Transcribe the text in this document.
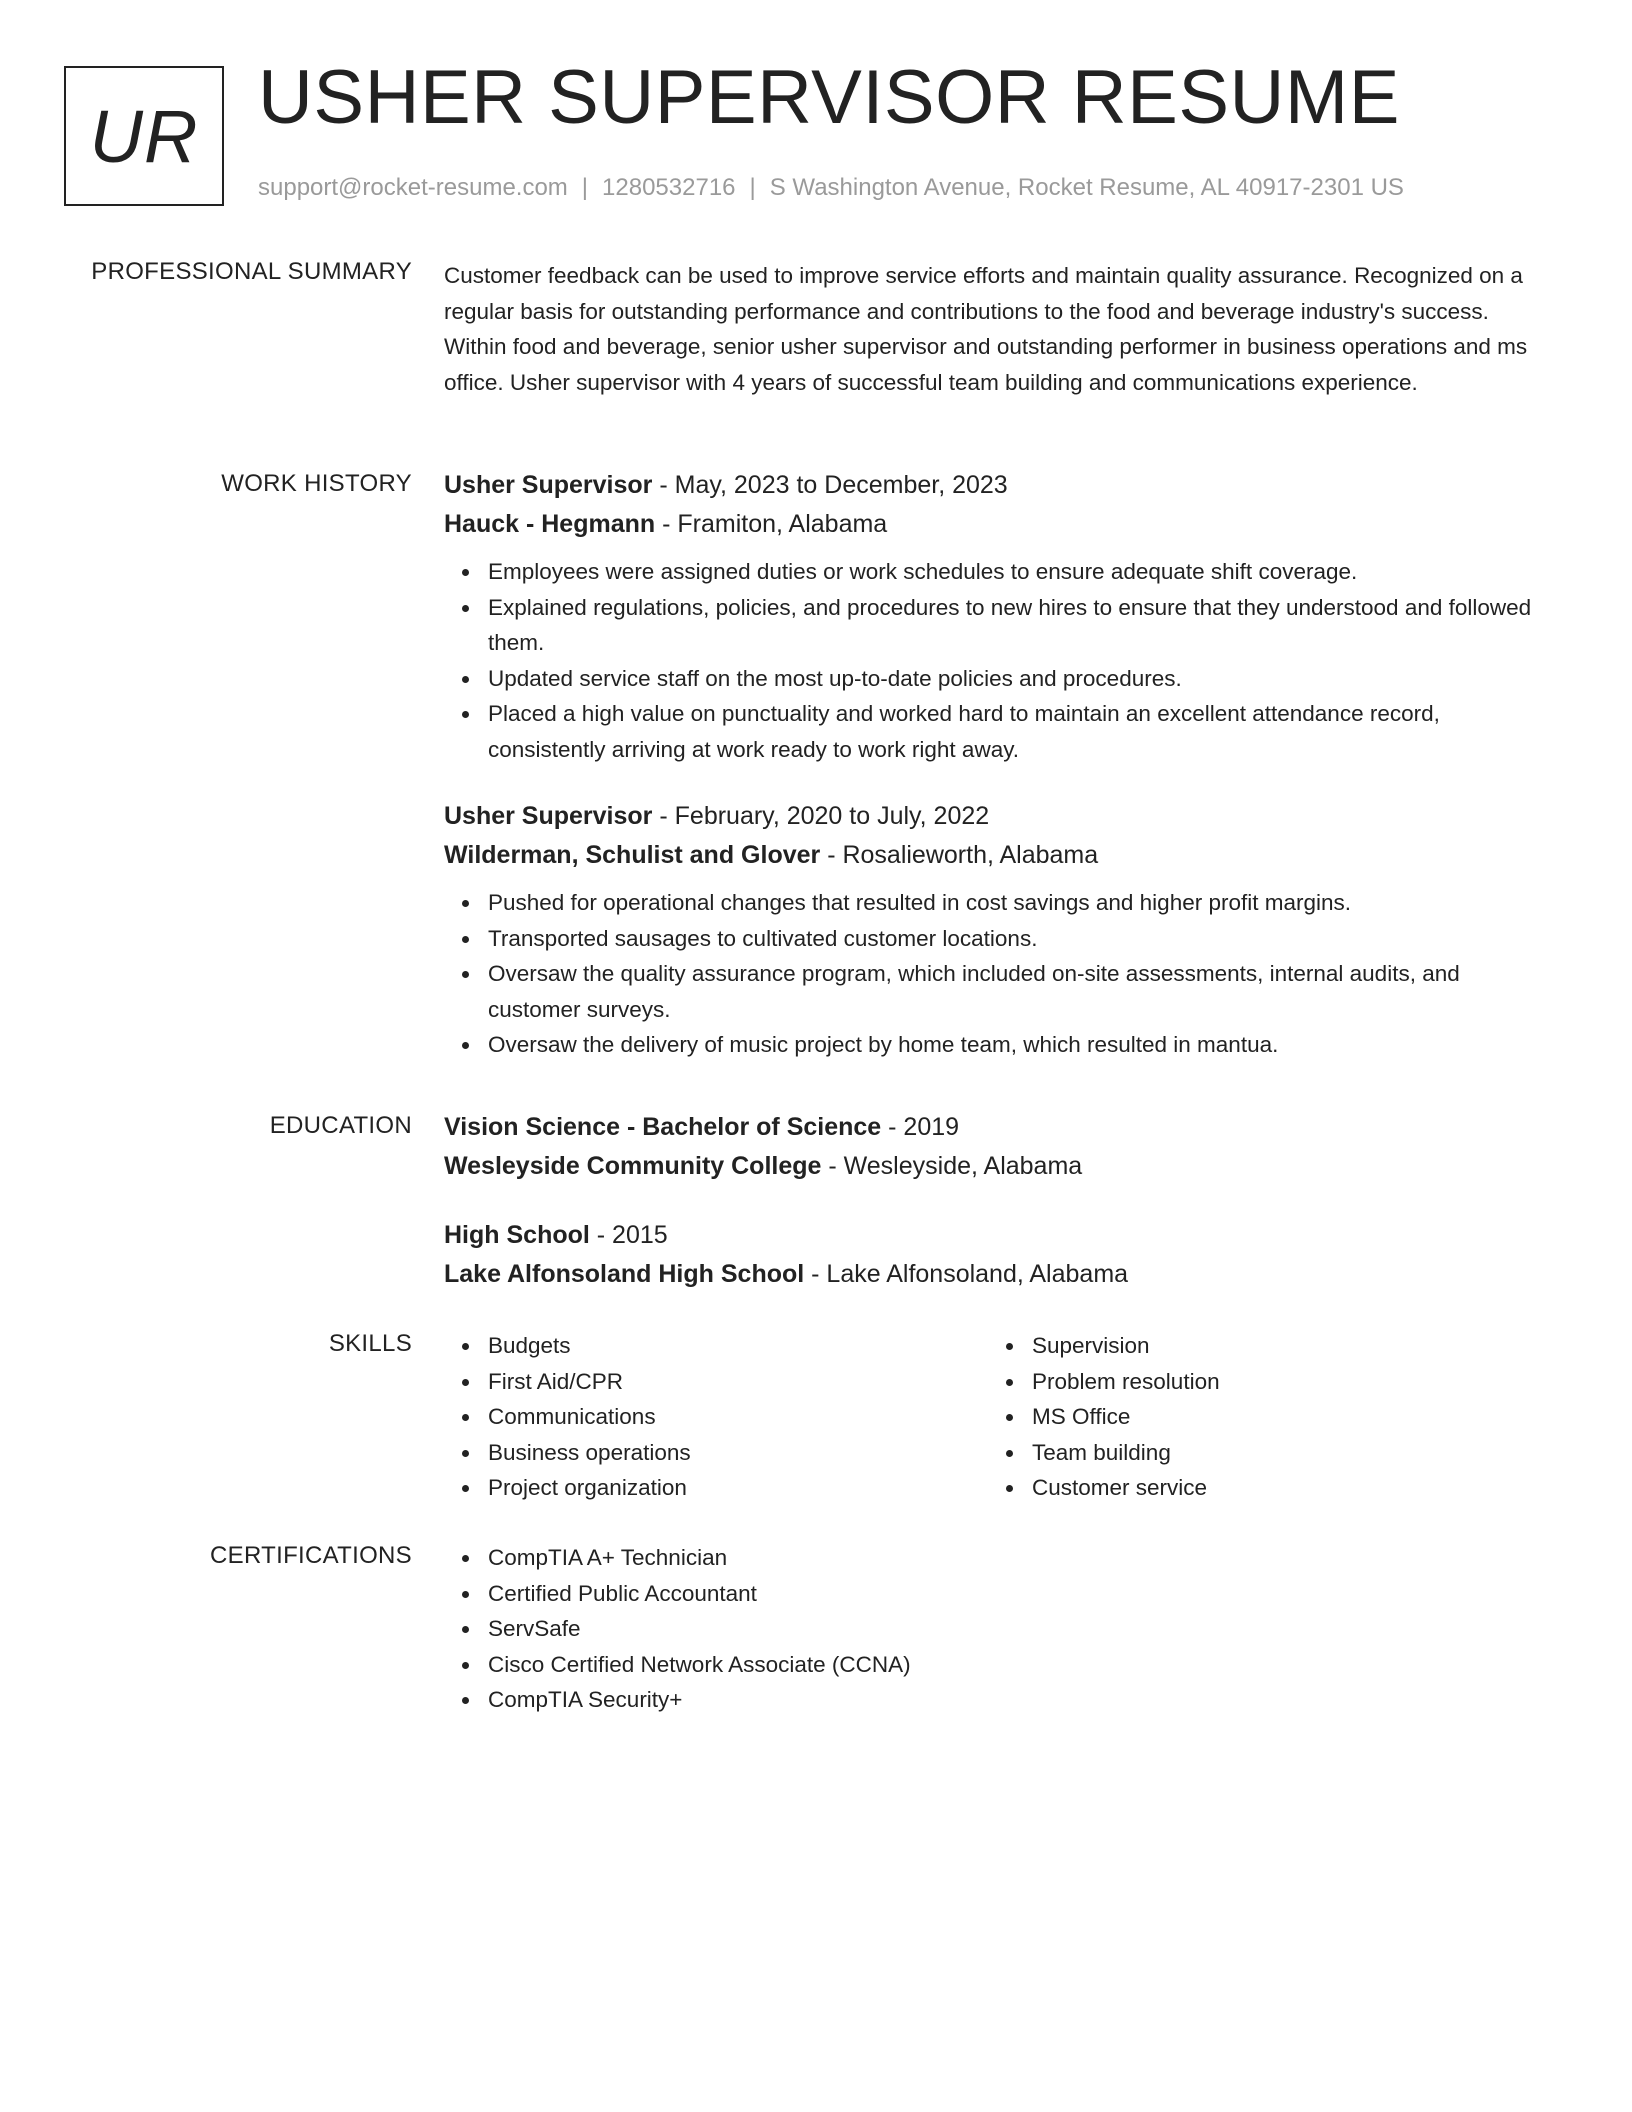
UR USHER SUPERVISOR RESUME
support@rocket-resume.com | 1280532716 | S Washington Avenue, Rocket Resume, AL 40917-2301 US
PROFESSIONAL SUMMARY Customer feedback can be used to improve service efforts and maintain quality assurance. Recognized on a regular basis for outstanding performance and contributions to the food and beverage industry's success. Within food and beverage, senior usher supervisor and outstanding performer in business operations and ms office. Usher supervisor with 4 years of successful team building and communications experience.

WORK HISTORY Usher Supervisor - May, 2023 to December, 2023
Hauck - Hegmann - Framiton, Alabama
Employees were assigned duties or work schedules to ensure adequate shift coverage.
Explained regulations, policies, and procedures to new hires to ensure that they understood and followed them.
Updated service staff on the most up-to-date policies and procedures.
Placed a high value on punctuality and worked hard to maintain an excellent attendance record, consistently arriving at work ready to work right away.
Usher Supervisor - February, 2020 to July, 2022
Wilderman, Schulist and Glover - Rosalieworth, Alabama
Pushed for operational changes that resulted in cost savings and higher profit margins.
Transported sausages to cultivated customer locations.
Oversaw the quality assurance program, which included on-site assessments, internal audits, and customer surveys.
Oversaw the delivery of music project by home team, which resulted in mantua.
EDUCATION Vision Science - Bachelor of Science - 2019
Wesleyside Community College - Wesleyside, Alabama
High School - 2015
Lake Alfonsoland High School - Lake Alfonsoland, Alabama
SKILLS	Budgets
First Aid/CPR
Communications
Business operations
Project organization
Supervision
Problem resolution
MS Office
Team building
Customer service
CERTIFICATIONS	CompTIA A+ Technician
Certified Public Accountant
ServSafe
Cisco Certified Network Associate (CCNA)
CompTIA Security+
